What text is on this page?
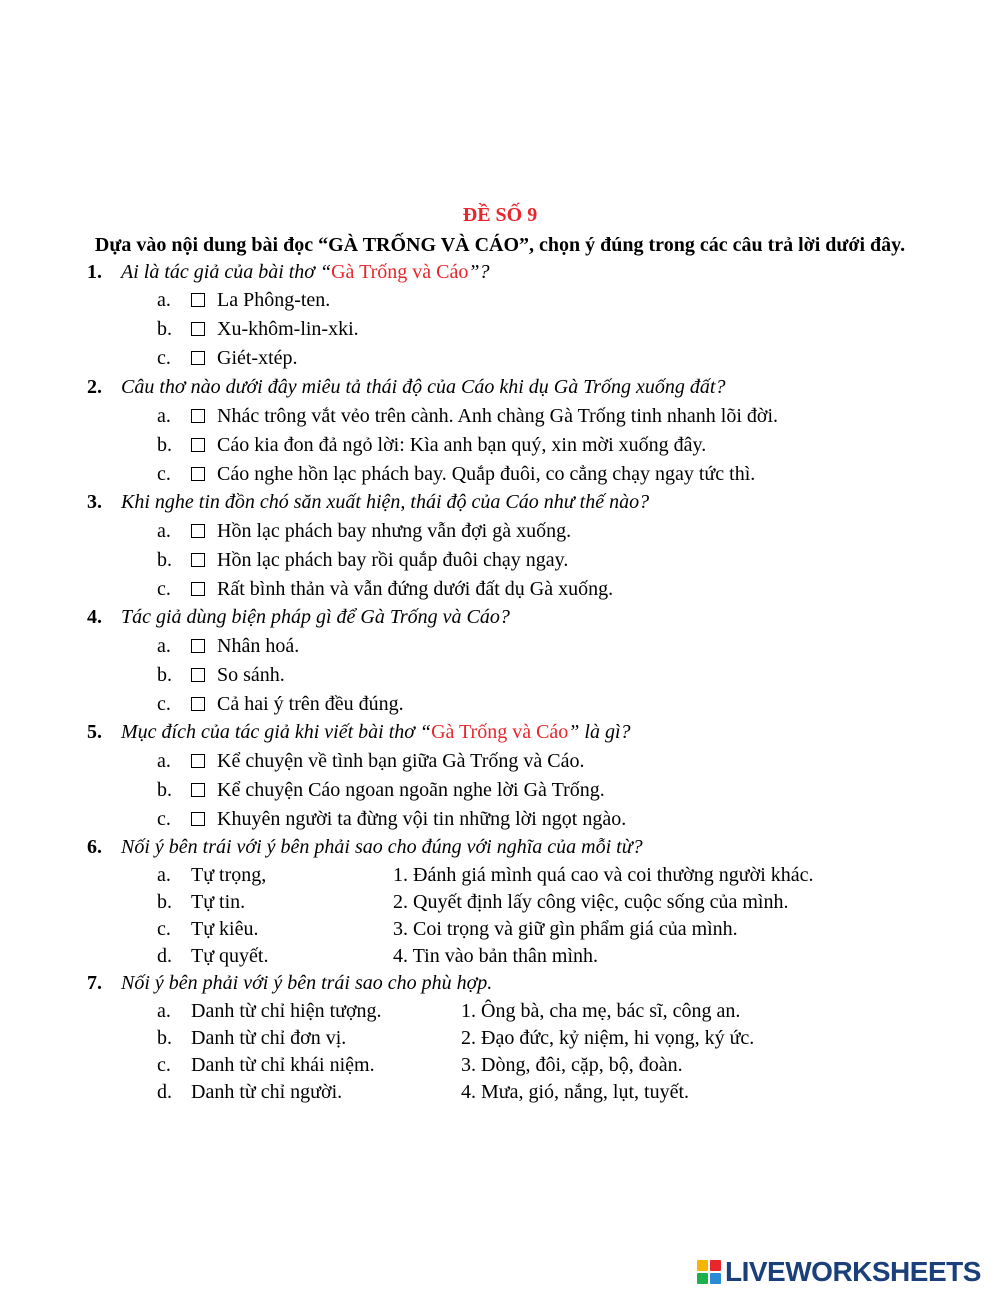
ĐỀ SỐ 9
Dựa vào nội dung bài đọc “GÀ TRỐNG VÀ CÁO”, chọn ý đúng trong các câu trả lời dưới đây.
1. Ai là tác giả của bài thơ “Gà Trống và Cáo”?
a. La Phông-ten.
b. Xu-khôm-lin-xki.
c. Giét-xtép.
2. Câu thơ nào dưới đây miêu tả thái độ của Cáo khi dụ Gà Trống xuống đất?
a. Nhác trông vắt vẻo trên cành. Anh chàng Gà Trống tinh nhanh lõi đời.
b. Cáo kia đon đả ngỏ lời: Kìa anh bạn quý, xin mời xuống đây.
c. Cáo nghe hồn lạc phách bay. Quắp đuôi, co cẳng chạy ngay tức thì.
3. Khi nghe tin đồn chó săn xuất hiện, thái độ của Cáo như thế nào?
a. Hồn lạc phách bay nhưng vẫn đợi gà xuống.
b. Hồn lạc phách bay rồi quắp đuôi chạy ngay.
c. Rất bình thản và vẫn đứng dưới đất dụ Gà xuống.
4. Tác giả dùng biện pháp gì để Gà Trống và Cáo?
a. Nhân hoá.
b. So sánh.
c. Cả hai ý trên đều đúng.
5. Mục đích của tác giả khi viết bài thơ “Gà Trống và Cáo” là gì?
a. Kể chuyện về tình bạn giữa Gà Trống và Cáo.
b. Kể chuyện Cáo ngoan ngoãn nghe lời Gà Trống.
c. Khuyên người ta đừng vội tin những lời ngọt ngào.
6. Nối ý bên trái với ý bên phải sao cho đúng với nghĩa của mỗi từ?
a. Tự trọng,	1. Đánh giá mình quá cao và coi thường người khác.
b. Tự tin.	2. Quyết định lấy công việc, cuộc sống của mình.
c. Tự kiêu.	3. Coi trọng và giữ gìn phẩm giá của mình.
d. Tự quyết.	4. Tin vào bản thân mình.
7. Nối ý bên phải với ý bên trái sao cho phù hợp.
a. Danh từ chỉ hiện tượng.	1. Ông bà, cha mẹ, bác sĩ, công an.
b. Danh từ chỉ đơn vị.	2. Đạo đức, kỷ niệm, hi vọng, ký ức.
c. Danh từ chỉ khái niệm.	3. Dòng, đôi, cặp, bộ, đoàn.
d. Danh từ chỉ người.	4. Mưa, gió, nắng, lụt, tuyết.
LIVEWORKSHEETS
